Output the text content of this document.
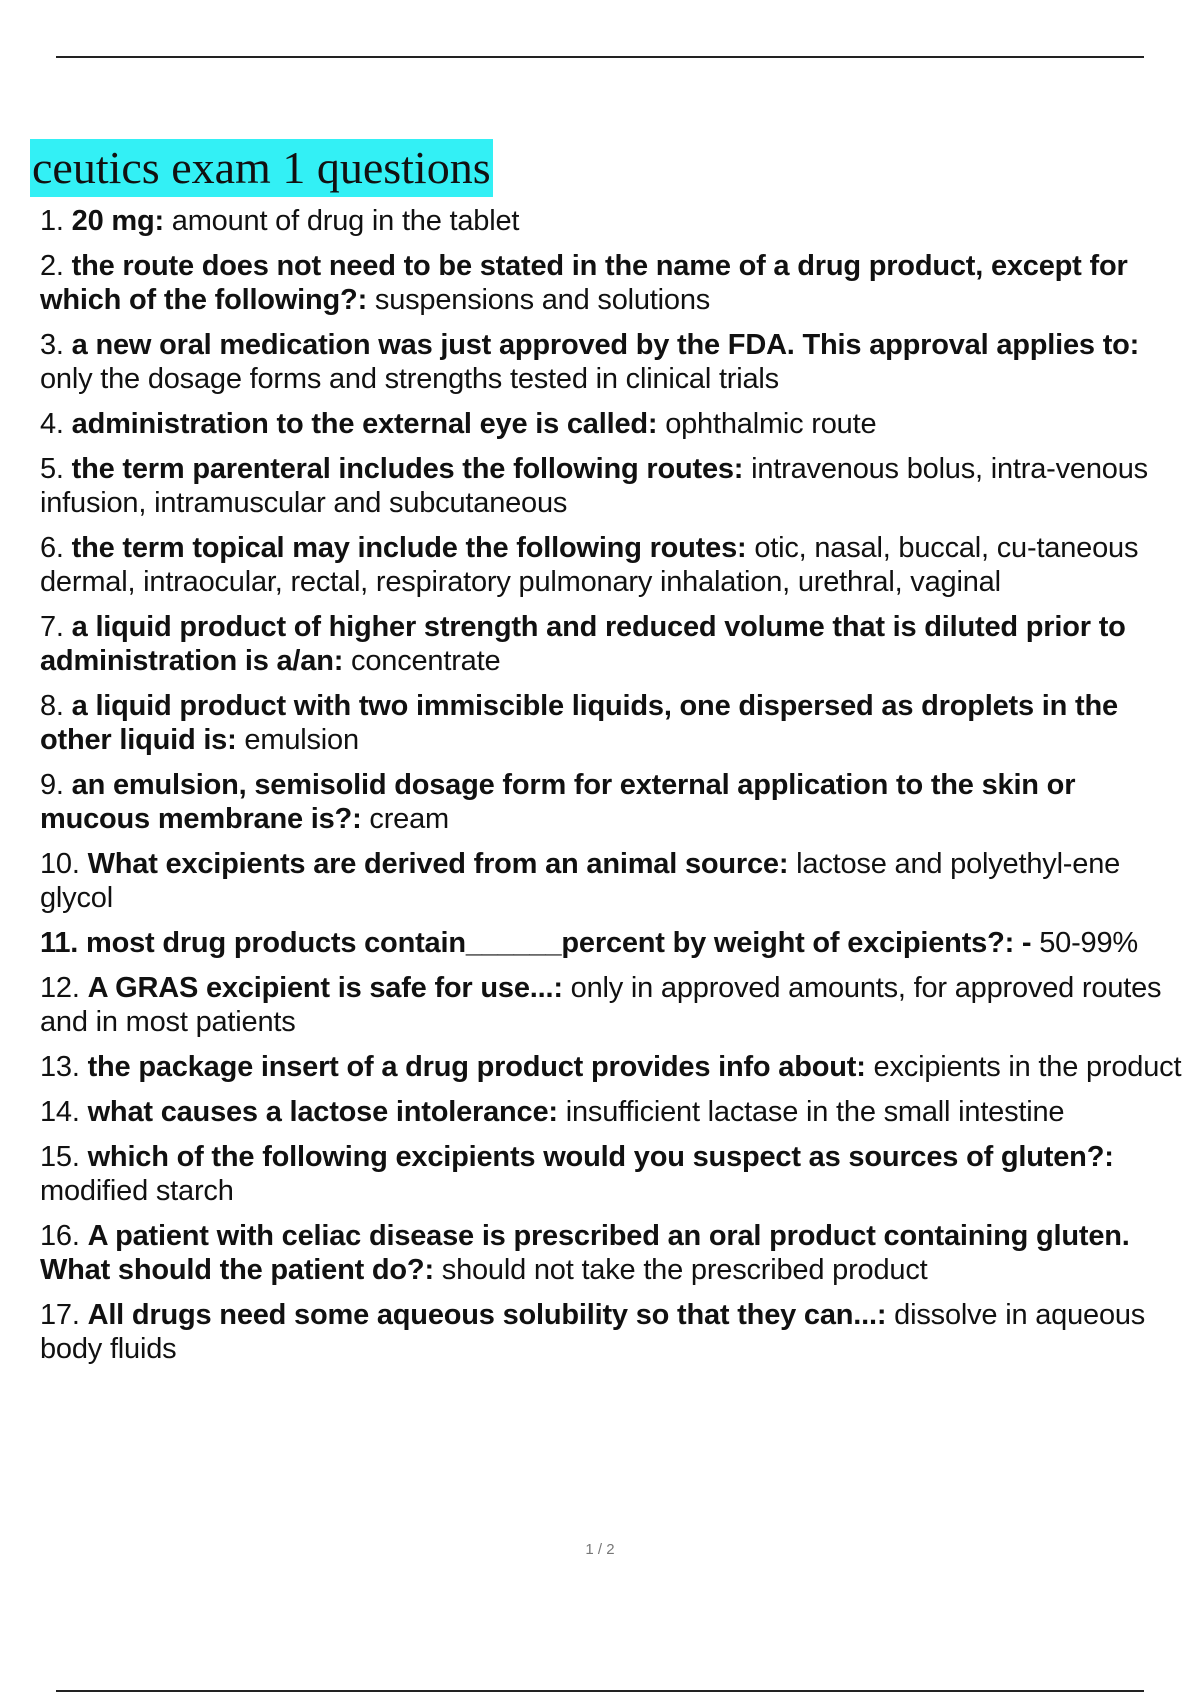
ceutics exam 1 questions
1. 20 mg: amount of drug in the tablet
2. the route does not need to be stated in the name of a drug product, except for which of the following?: suspensions and solutions
3. a new oral medication was just approved by the FDA. This approval applies to: only the dosage forms and strengths tested in clinical trials
4. administration to the external eye is called: ophthalmic route
5. the term parenteral includes the following routes: intravenous bolus, intra-venous infusion, intramuscular and subcutaneous
6. the term topical may include the following routes: otic, nasal, buccal, cu-taneous dermal, intraocular, rectal, respiratory pulmonary inhalation, urethral, vaginal
7. a liquid product of higher strength and reduced volume that is diluted prior to administration is a/an: concentrate
8. a liquid product with two immiscible liquids, one dispersed as droplets in the other liquid is: emulsion
9. an emulsion, semisolid dosage form for external application to the skin or mucous membrane is?: cream
10. What excipients are derived from an animal source: lactose and polyethyl-ene glycol
11. most drug products contain______percent by weight of excipients?: - 50-99%
12. A GRAS excipient is safe for use...: only in approved amounts, for approved routes and in most patients
13. the package insert of a drug product provides info about: excipients in the product
14. what causes a lactose intolerance: insufficient lactase in the small intestine
15. which of the following excipients would you suspect as sources of gluten?: modified starch
16. A patient with celiac disease is prescribed an oral product containing gluten. What should the patient do?: should not take the prescribed product
17. All drugs need some aqueous solubility so that they can...: dissolve in aqueous body fluids
1 / 2
